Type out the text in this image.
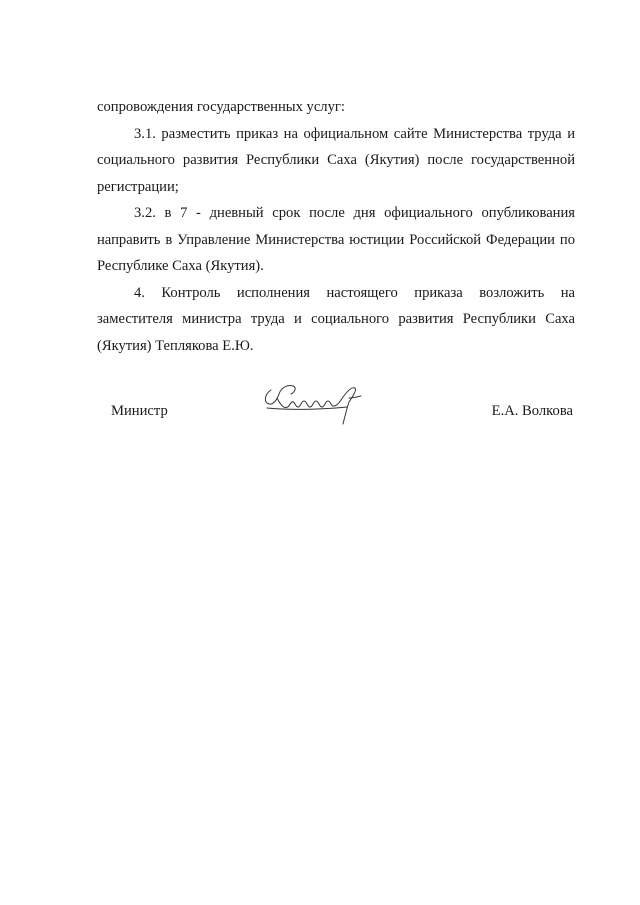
сопровождения государственных услуг:
3.1. разместить приказ на официальном сайте Министерства труда и
социального развития Республики Саха (Якутия) после государственной
регистрации;
3.2. в 7 - дневный срок после дня официального опубликования
направить в Управление Министерства юстиции Российской Федерации по
Республике Саха (Якутия).
4. Контроль исполнения настоящего приказа возложить на
заместителя министра труда и социального развития Республики Саха
(Якутия) Теплякова Е.Ю.
Министр	Е.А. Волкова
